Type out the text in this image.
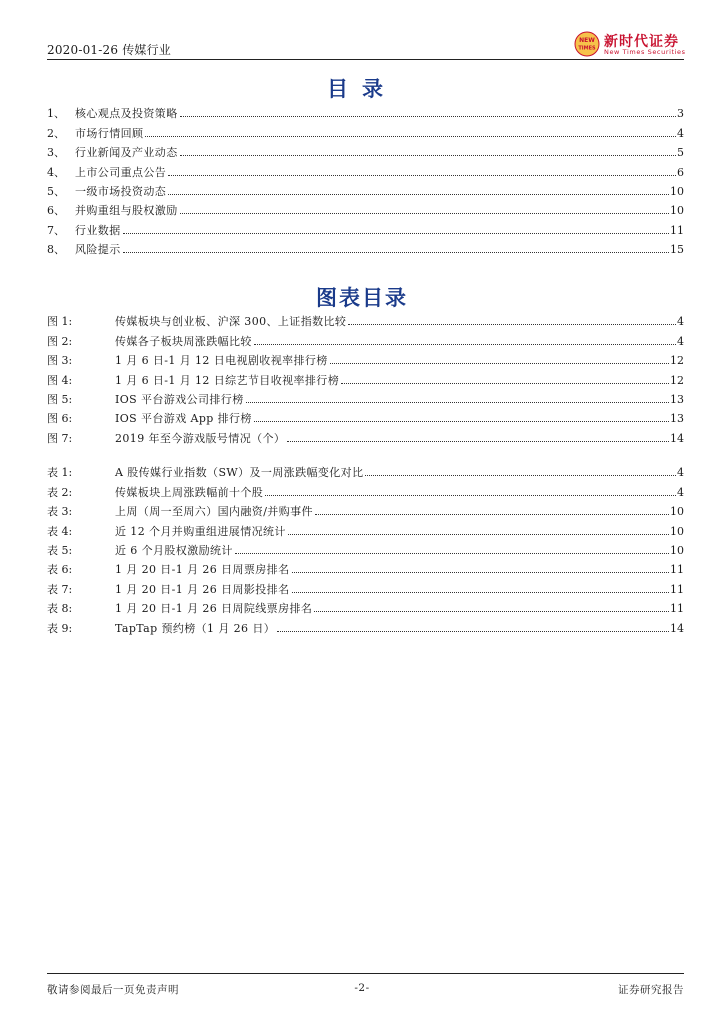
2020-01-26 传媒行业
NEW
TIMES 新时代证券
New Times Securities
目录
1、 核心观点及投资策略	3
2、 市场行情回顾	4
3、 行业新闻及产业动态	5
4、 上市公司重点公告	6
5、 一级市场投资动态	10
6、 并购重组与股权激励	10
7、 行业数据	11
8、 风险提示	15
图表目录
图 1:	传媒板块与创业板、沪深 300、上证指数比较	4
图 2:	传媒各子板块周涨跌幅比较	4
图 3:	1 月 6 日-1 月 12 日电视剧收视率排行榜	12
图 4:	1 月 6 日-1 月 12 日综艺节目收视率排行榜	12
图 5:	IOS 平台游戏公司排行榜	13
图 6:	IOS 平台游戏 App 排行榜	13
图 7:	2019 年至今游戏版号情况（个）	14
表 1:	A 股传媒行业指数（SW）及一周涨跌幅变化对比	4
表 2:	传媒板块上周涨跌幅前十个股	4
表 3:	上周（周一至周六）国内融资/并购事件	10
表 4:	近 12 个月并购重组进展情况统计	10
表 5:	近 6 个月股权激励统计	10
表 6:	1 月 20 日-1 月 26 日周票房排名	11
表 7:	1 月 20 日-1 月 26 日周影投排名	11
表 8:	1 月 20 日-1 月 26 日周院线票房排名	11
表 9:	TapTap 预约榜（1 月 26 日）	14
敬请参阅最后一页免责声明	-2-	证券研究报告
